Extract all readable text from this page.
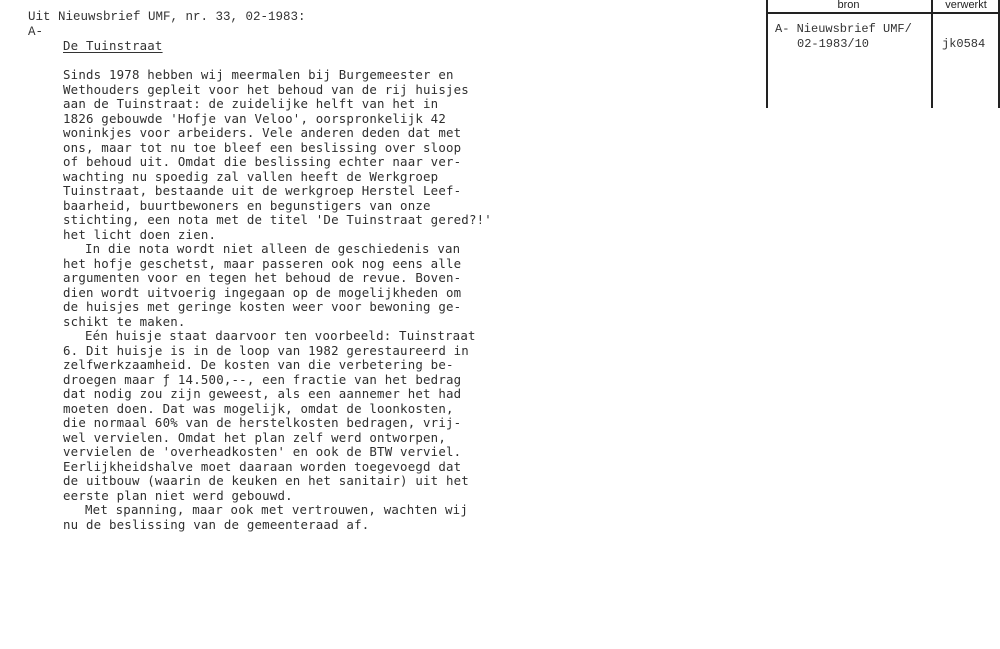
Uit Nieuwsbrief UMF, nr. 33, 02-1983:
A-
bron	verwerkt
A- Nieuwsbrief UMF/
02-1983/10	jk0584
De Tuinstraat
Sinds 1978 hebben wij meermalen bij Burgemeester en
Wethouders gepleit voor het behoud van de rij huisjes
aan de Tuinstraat: de zuidelijke helft van het in
1826 gebouwde 'Hofje van Veloo', oorspronkelijk 42
woninkjes voor arbeiders. Vele anderen deden dat met
ons, maar tot nu toe bleef een beslissing over sloop
of behoud uit. Omdat die beslissing echter naar ver-
wachting nu spoedig zal vallen heeft de Werkgroep
Tuinstraat, bestaande uit de werkgroep Herstel Leef-
baarheid, buurtbewoners en begunstigers van onze
stichting, een nota met de titel 'De Tuinstraat gered?!'
het licht doen zien.
In die nota wordt niet alleen de geschiedenis van
het hofje geschetst, maar passeren ook nog eens alle
argumenten voor en tegen het behoud de revue. Boven-
dien wordt uitvoerig ingegaan op de mogelijkheden om
de huisjes met geringe kosten weer voor bewoning ge-
schikt te maken.
Eén huisje staat daarvoor ten voorbeeld: Tuinstraat
6. Dit huisje is in de loop van 1982 gerestaureerd in
zelfwerkzaamheid. De kosten van die verbetering be-
droegen maar ƒ 14.500,--, een fractie van het bedrag
dat nodig zou zijn geweest, als een aannemer het had
moeten doen. Dat was mogelijk, omdat de loonkosten,
die normaal 60% van de herstelkosten bedragen, vrij-
wel vervielen. Omdat het plan zelf werd ontworpen,
vervielen de 'overheadkosten' en ook de BTW verviel.
Eerlijkheidshalve moet daaraan worden toegevoegd dat
de uitbouw (waarin de keuken en het sanitair) uit het
eerste plan niet werd gebouwd.
Met spanning, maar ook met vertrouwen, wachten wij
nu de beslissing van de gemeenteraad af.
